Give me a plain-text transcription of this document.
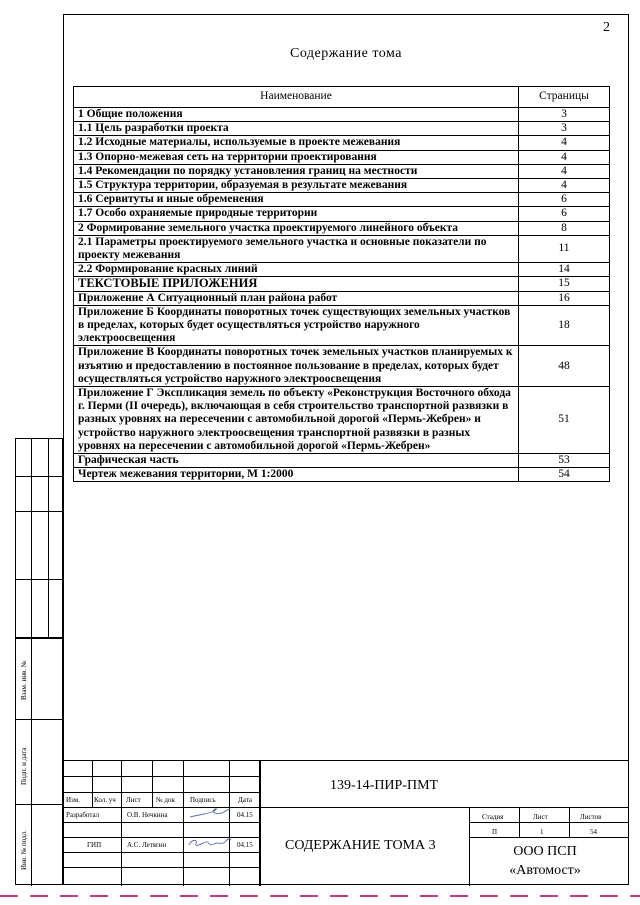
2
Содержание тома
Наименование	Страницы
1 Общие положения	3
1.1 Цель разработки проекта	3
1.2 Исходные материалы, используемые в проекте межевания	4
1.3 Опорно-межевая сеть на территории проектирования	4
1.4 Рекомендации по порядку установления границ на местности	4
1.5 Структура территории, образуемая в результате межевания	4
1.6 Сервитуты и иные обременения	6
1.7 Особо охраняемые природные территории	6
2 Формирование земельного участка проектируемого линейного объекта	8
2.1 Параметры проектируемого земельного участка и основные показатели по проекту межевания	11
2.2 Формирование красных линий	14
ТЕКСТОВЫЕ ПРИЛОЖЕНИЯ	15
Приложение А Ситуационный план района работ	16
Приложение Б Координаты поворотных точек существующих земельных участков в пределах, которых будет осуществляться устройство наружного электроосвещения	18
Приложение В Координаты поворотных точек земельных участков планируемых к изъятию и предоставлению в постоянное пользование в пределах, которых будет осуществляться устройство наружного электроосвещения	48
Приложение Г Экспликация земель по объекту «Реконструкция Восточного обхода г. Перми (II очередь), включающая в себя строительство транспортной развязки в разных уровнях на пересечении с автомобильной дорогой «Пермь-Жебрен» и устройство наружного электроосвещения транспортной развязки в разных уровнях на пересечении с автомобильной дорогой «Пермь-Жебрен»	51
Графическая часть	53
Чертеж межевания территории, М 1:2000	54
Взам. инв. №
Подп. и дата
Инв. № подл.
Изм. Кол. уч Лист № док Подпись	Дата
Разработал	О.В. Нечкина	04.15
ГИП	А.С. Летягин	04.15
139-14-ПИР-ПМТ
СОДЕРЖАНИЕ ТОМА 3
Стадия	Лист	Листов
П	1	54
ООО ПСП
«Автомост»
